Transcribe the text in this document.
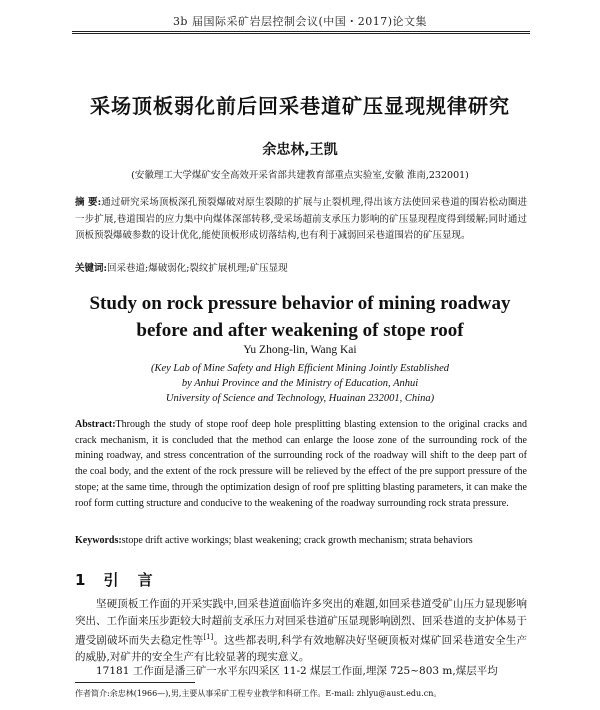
3b 届国际采矿岩层控制会议(中国・2017)论文集
采场顶板弱化前后回采巷道矿压显现规律研究
余忠林,王凯
(安徽理工大学煤矿安全高效开采省部共建教育部重点实验室,安徽 淮南,232001)
摘 要:通过研究采场顶板深孔预裂爆破对原生裂隙的扩展与止裂机理,得出该方法使回采巷道的围岩松动圈进一步扩展,巷道围岩的应力集中向煤体深部转移,受采场超前支承压力影响的矿压显现程度得到缓解;同时通过顶板预裂爆破参数的设计优化,能使顶板形成切落结构,也有利于减弱回采巷道围岩的矿压显现。
关键词:回采巷道;爆破弱化;裂纹扩展机理;矿压显现
Study on rock pressure behavior of mining roadway
before and after weakening of stope roof
Yu Zhong-lin, Wang Kai
(Key Lab of Mine Safety and High Efficient Mining Jointly Established
by Anhui Province and the Ministry of Education, Anhui
University of Science and Technology, Huainan 232001, China)
Abstract:Through the study of stope roof deep hole presplitting blasting extension to the original cracks and crack mechanism, it is concluded that the method can enlarge the loose zone of the surrounding rock of the mining roadway, and stress concentration of the surrounding rock of the roadway will shift to the deep part of the coal body, and the extent of the rock pressure will be relieved by the effect of the pre support pressure of the stope; at the same time, through the optimization design of roof pre splitting blasting parameters, it can make the roof form cutting structure and conducive to the weakening of the roadway surrounding rock strata pressure.
Keywords:stope drift active workings; blast weakening; crack growth mechanism; strata behaviors
1 引 言
坚硬顶板工作面的开采实践中,回采巷道面临许多突出的难题,如回采巷道受矿山压力显现影响突出、工作面来压步距较大时超前支承压力对回采巷道矿压显现影响剧烈、回采巷道的支护体易于遭受剧破坏而失去稳定性等[1]。这些都表明,科学有效地解决好坚硬顶板对煤矿回采巷道安全生产的威胁,对矿井的安全生产有比较显著的现实意义。
17181 工作面是潘三矿一水平东四采区 11-2 煤层工作面,埋深 725~803 m,煤层平均
作者简介:余忠林(1966—),男,主要从事采矿工程专业教学和科研工作。E-mail: zhlyu@aust.edu.cn。
